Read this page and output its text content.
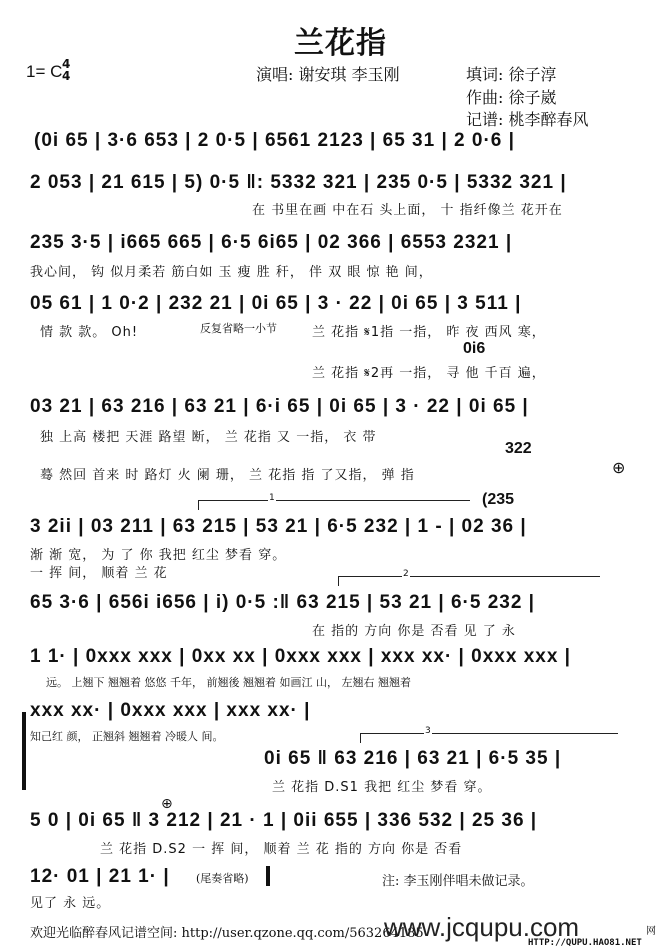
兰花指
1= C 4
4	演唱: 谢安琪 李玉刚	填词: 徐子淳
作曲: 徐子崴
记谱: 桃李醉春风
(0i 65 | 3·6 653 | 2 0·5 | 6561 2123 | 65 31 | 2 0·6 |
2 053 | 21 615 | 5) 0·5 ‖: 5332 321 | 235 0·5 | 5332 321 |
在 书里在画 中在石 头上面， 十 指纤像兰 花开在
235 3·5 | i665 665 | 6·5 6i65 | 02 366 | 6553 2321 |
我心间， 钩 似月柔若 筋白如 玉 瘦 胜 秆， 伴 双 眼 惊 艳 间，
05 61 | 1 0·2 | 232 21 | 0i 65 | 3 · 22 | 0i 65 | 3 511 |
情 款 款。 Oh!	反复省略一小节	兰 花指 𝄋1指 一指， 昨 夜 西风 寒，
0i6
兰 花指 𝄋2再 一指， 寻 他 千百 遍，
03 21 | 63 216 | 63 21 | 6·i 65 | 0i 65 | 3 · 22 | 0i 65 |
独 上高 楼把 天涯 路望 断， 兰 花指 又 一指， 衣 带
322
蓦 然回 首来 时 路灯 火 阑 珊， 兰 花指 指 了又指， 弹 指	⊕
1	(235
3 2ii | 03 211 | 63 215 | 53 21 | 6·5 232 | 1 - | 02 36 |
渐 渐 宽， 为 了 你 我把 红尘 梦看 穿。
一 挥 间， 顺着 兰 花	2
65 3·6 | 656i i656 | i) 0·5 :‖ 63 215 | 53 21 | 6·5 232 |
在 指的 方向 你是 否看 见 了 永
1 1· | 0xxx xxx | 0xx xx | 0xxx xxx | xxx xx· | 0xxx xxx |
远。 上翘下 翘翘着 悠悠 千年， 前翘後 翘翘着 如画江 山， 左翘右 翘翘着
xxx xx· | 0xxx xxx | xxx xx· |
知己红 颜， 正翘斜 翘翘着 冷暖人 间。	3
0i 65 ‖ 63 216 | 63 21 | 6·5 35 |
兰 花指 D.S1 我把 红尘 梦看 穿。
⊕
5 0 | 0i 65 ‖ 3 212 | 21 · 1 | 0ii 655 | 336 532 | 25 36 |
兰 花指 D.S2 一 挥 间， 顺着 兰 花 指的 方向 你是 否看
12· 01 | 21 1· | (尾奏省略)
见了 永 远。
注: 李玉刚伴唱未做记录。
欢迎光临醉春风记谱空间: http://user.qzone.qq.com/563264185
www.jcqupu.com	网
HTTP://QUPU.HAO81.NET
